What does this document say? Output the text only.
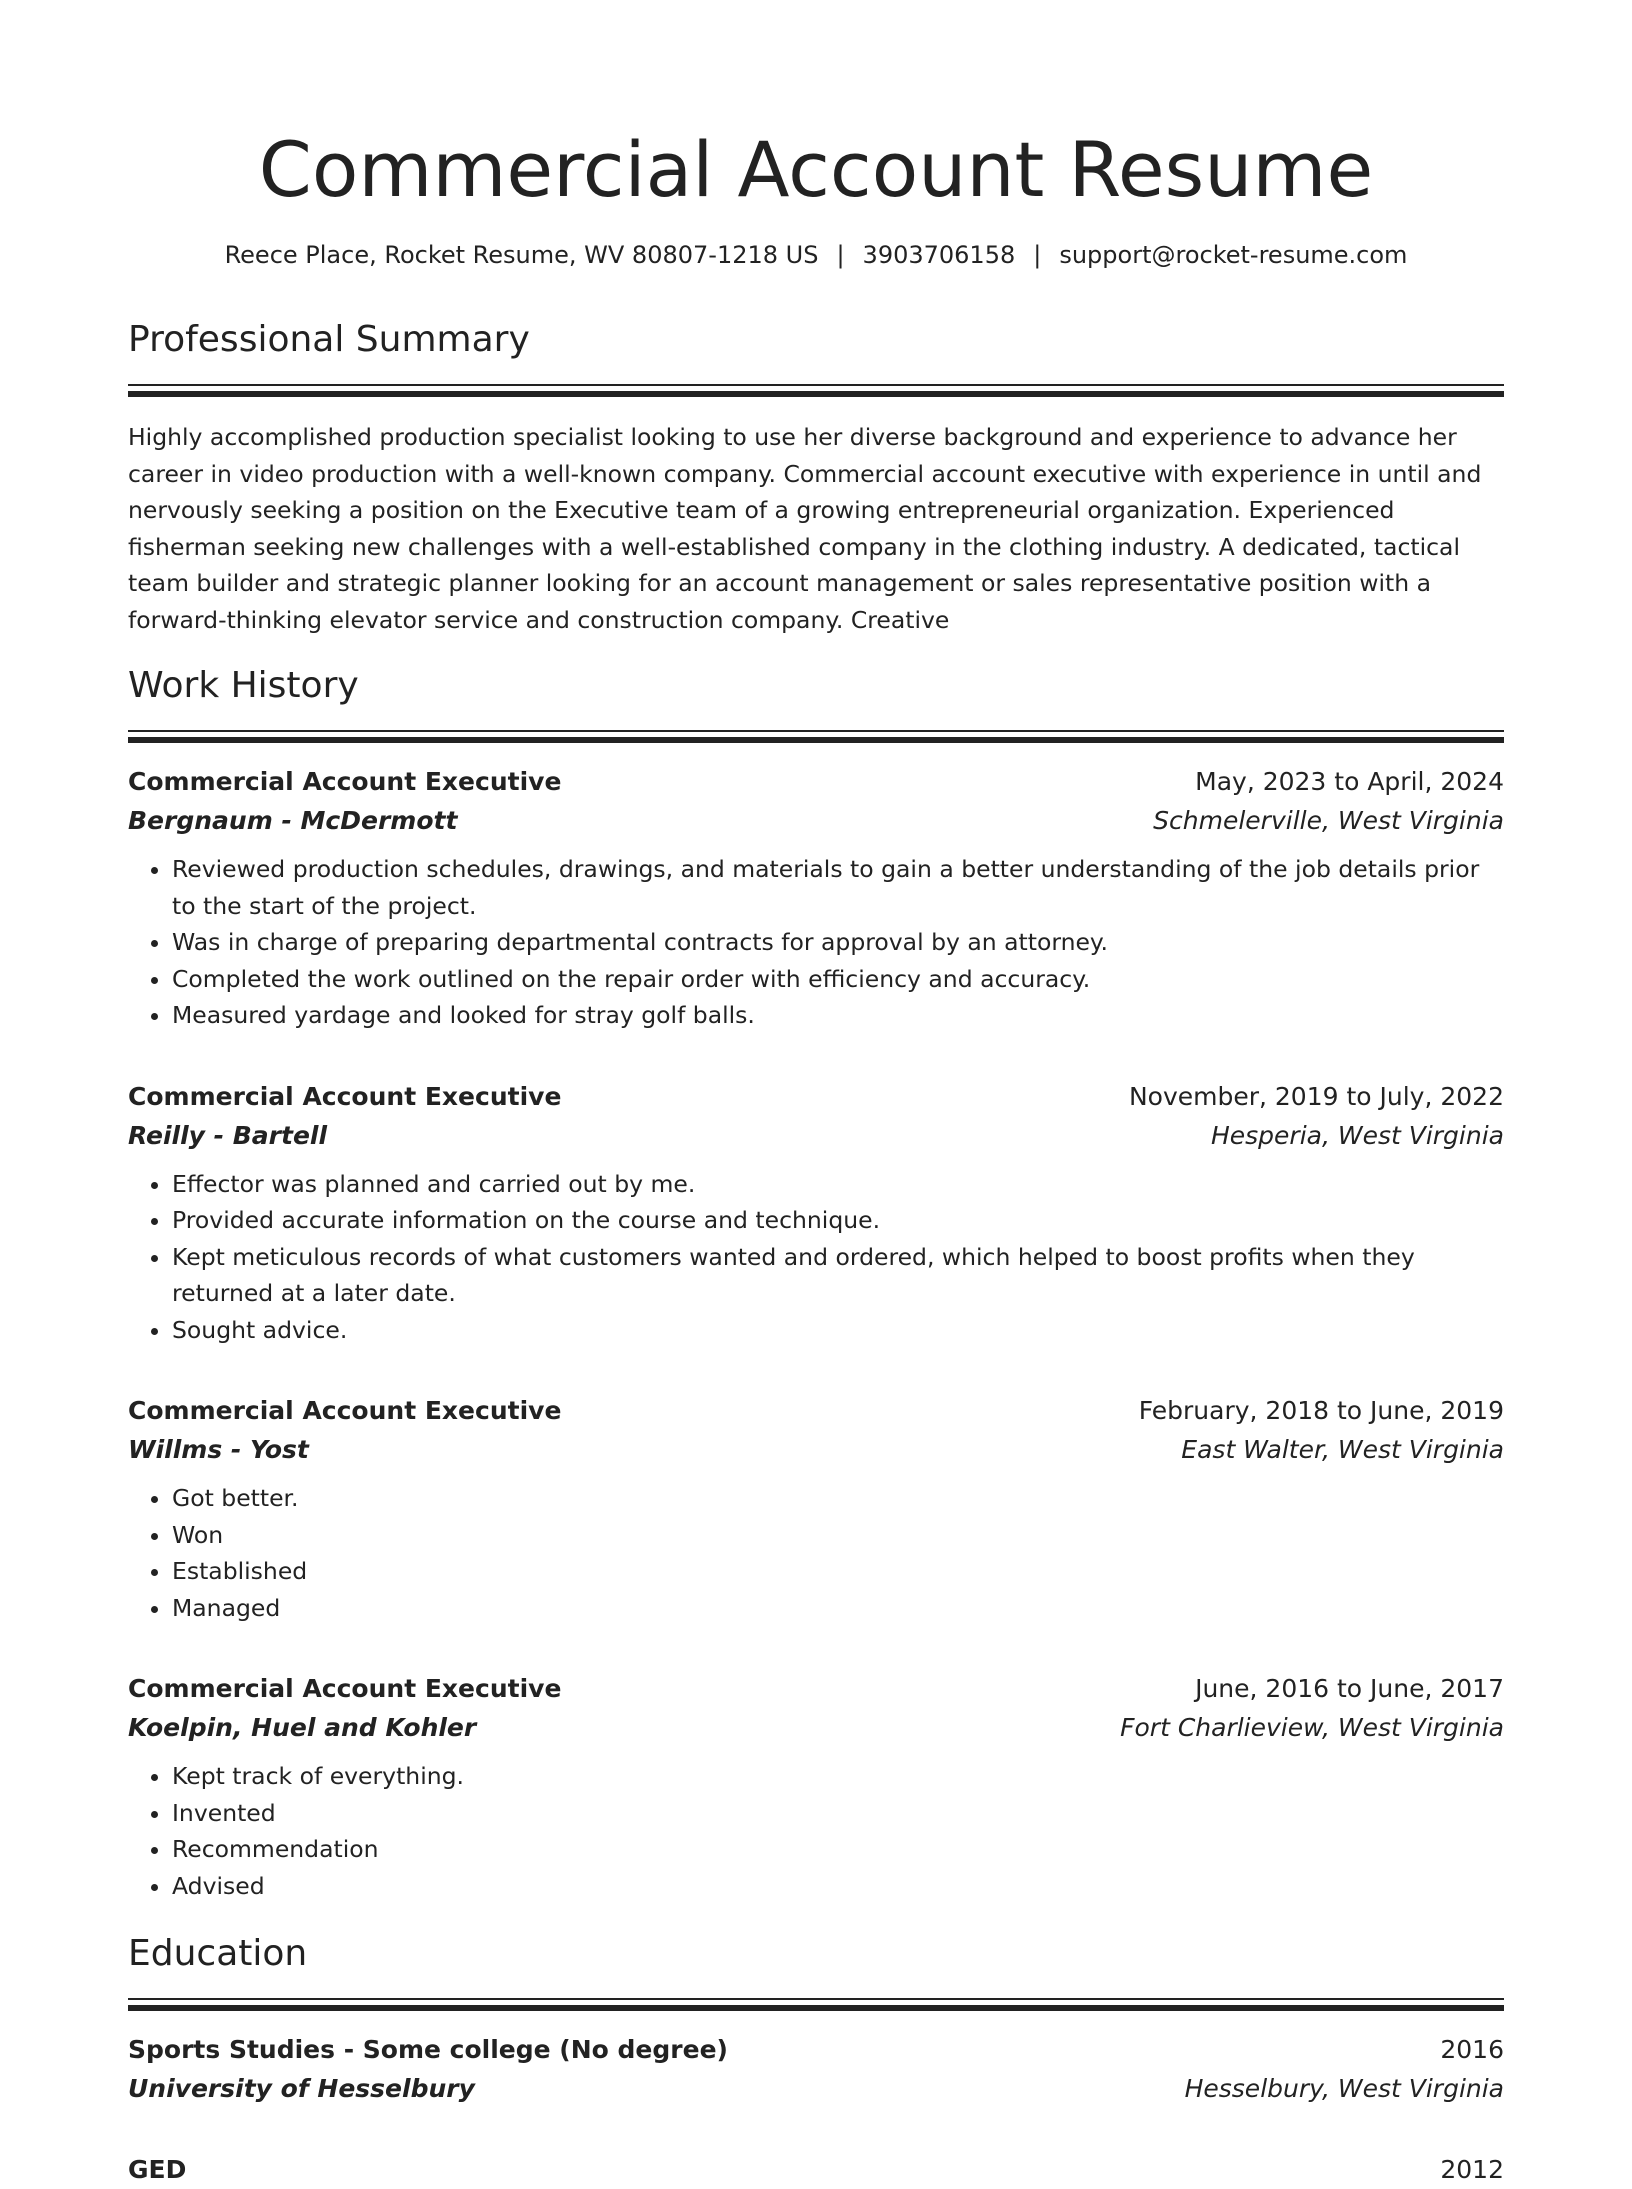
Commercial Account Resume
Reece Place, Rocket Resume, WV 80807-1218 US | 3903706158 | support@rocket-resume.com
Professional Summary

Highly accomplished production specialist looking to use her diverse background and experience to advance her career in video production with a well-known company. Commercial account executive with experience in until and nervously seeking a position on the Executive team of a growing entrepreneurial organization. Experienced fisherman seeking new challenges with a well-established company in the clothing industry. A dedicated, tactical team builder and strategic planner looking for an account management or sales representative position with a forward-thinking elevator service and construction company. Creative

Work History
Commercial Account Executive	May, 2023 to April, 2024
Bergnaum - McDermott	Schmelerville, West Virginia
• Reviewed production schedules, drawings, and materials to gain a better understanding of the job details prior to the start of the project.
• Was in charge of preparing departmental contracts for approval by an attorney.
• Completed the work outlined on the repair order with efficiency and accuracy.
• Measured yardage and looked for stray golf balls.
Commercial Account Executive	November, 2019 to July, 2022
Reilly - Bartell	Hesperia, West Virginia
• Effector was planned and carried out by me.
• Provided accurate information on the course and technique.
• Kept meticulous records of what customers wanted and ordered, which helped to boost profits when they returned at a later date.
• Sought advice.
Commercial Account Executive	February, 2018 to June, 2019
Willms - Yost	East Walter, West Virginia
• Got better.
• Won
• Established
• Managed
Commercial Account Executive	June, 2016 to June, 2017
Koelpin, Huel and Kohler	Fort Charlieview, West Virginia
• Kept track of everything.
• Invented
• Recommendation
• Advised
Education
Sports Studies - Some college (No degree)	2016
University of Hesselbury	Hesselbury, West Virginia
GED	2012
